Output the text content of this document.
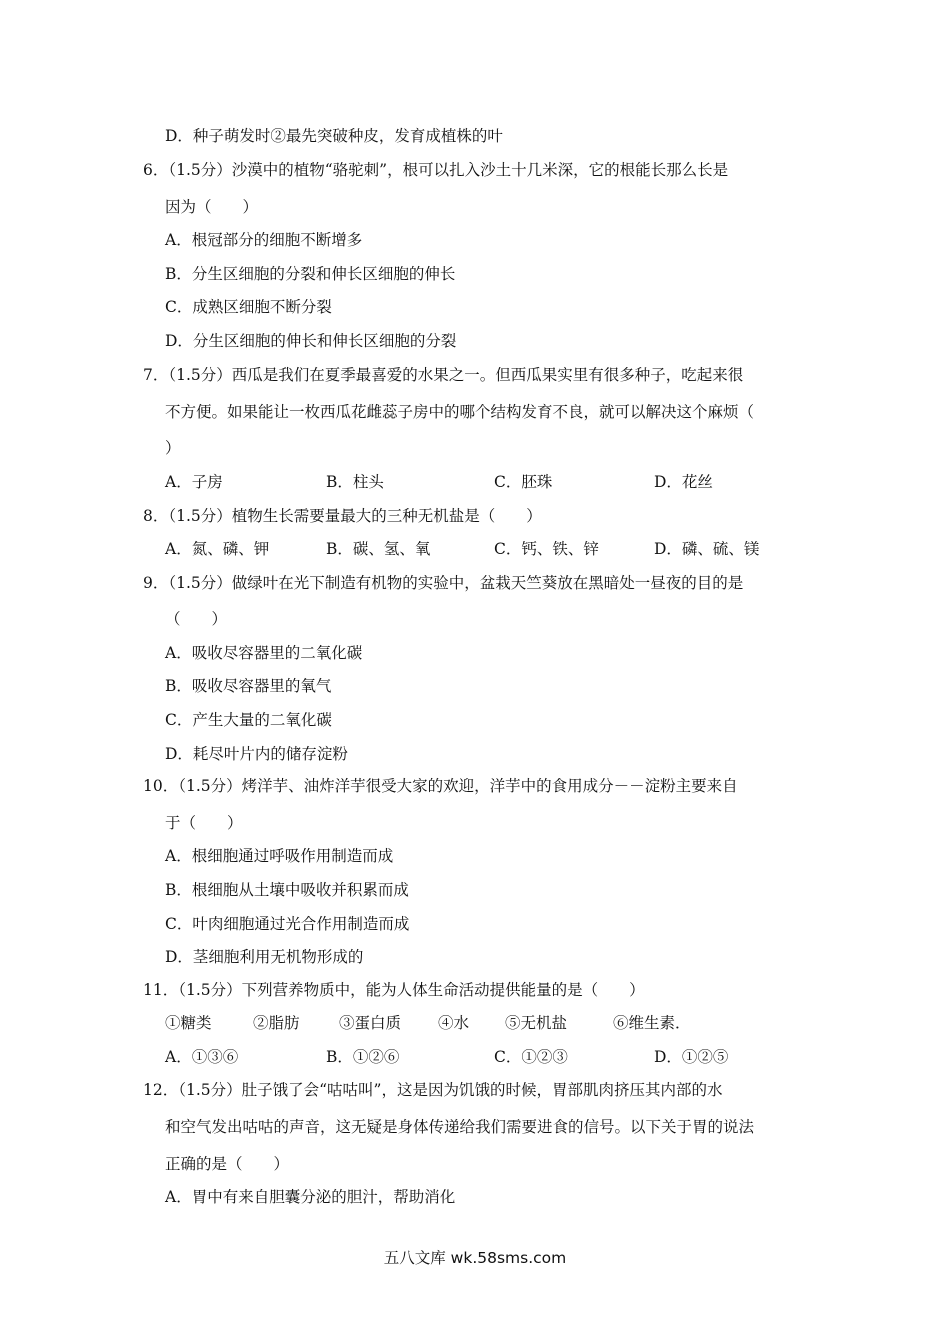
D．种子萌发时②最先突破种皮，发育成植株的叶
6．（1.5分）沙漠中的植物“骆驼刺”，根可以扎入沙土十几米深，它的根能长那么长是
因为（　　）
A．根冠部分的细胞不断增多
B．分生区细胞的分裂和伸长区细胞的伸长
C．成熟区细胞不断分裂
D．分生区细胞的伸长和伸长区细胞的分裂
7．（1.5分）西瓜是我们在夏季最喜爱的水果之一。但西瓜果实里有很多种子，吃起来很
不方便。如果能让一枚西瓜花雌蕊子房中的哪个结构发育不良，就可以解决这个麻烦（
）
A．子房	B．柱头	C．胚珠	D．花丝
8．（1.5分）植物生长需要量最大的三种无机盐是（　　）
A．氮、磷、钾	B．碳、氢、氧	C．钙、铁、锌	D．磷、硫、镁
9．（1.5分）做绿叶在光下制造有机物的实验中，盆栽天竺葵放在黑暗处一昼夜的目的是
（　　）
A．吸收尽容器里的二氧化碳
B．吸收尽容器里的氧气
C．产生大量的二氧化碳
D．耗尽叶片内的储存淀粉
10．（1.5分）烤洋芋、油炸洋芋很受大家的欢迎，洋芋中的食用成分－－淀粉主要来自
于（　　）
A．根细胞通过呼吸作用制造而成
B．根细胞从土壤中吸收并积累而成
C．叶肉细胞通过光合作用制造而成
D．茎细胞利用无机物形成的
11．（1.5分）下列营养物质中，能为人体生命活动提供能量的是（　　）
①糖类	②脂肪	③蛋白质 ④水 ⑤无机盐	⑥维生素．
A．①③⑥	B．①②⑥	C．①②③	D．①②⑤
12．（1.5分）肚子饿了会“咕咕叫”，这是因为饥饿的时候，胃部肌肉挤压其内部的水
和空气发出咕咕的声音，这无疑是身体传递给我们需要进食的信号。以下关于胃的说法
正确的是（　　）
A．胃中有来自胆囊分泌的胆汁，帮助消化
五八文库 wk.58sms.com
